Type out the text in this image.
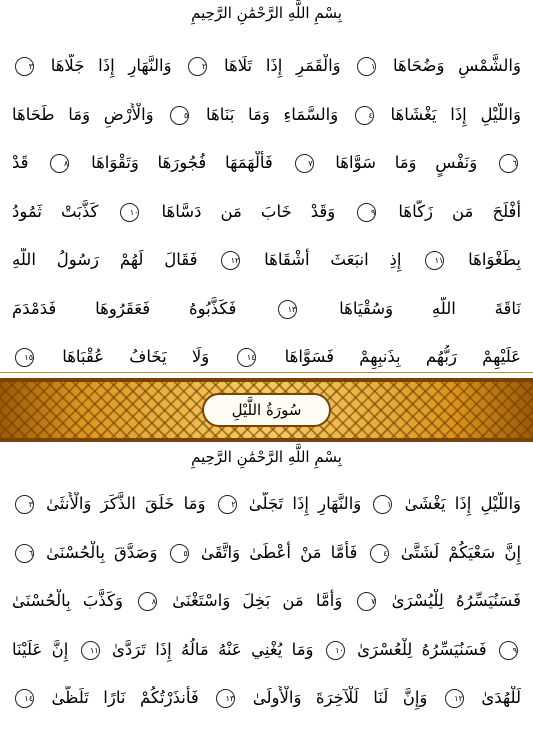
بِسْمِ اللَّهِ الرَّحْمَٰنِ الرَّحِيمِ
وَالشَّمْسِ وَضُحَاهَا ١ وَالْقَمَرِ إِذَا تَلَاهَا ٢ وَالنَّهَارِ إِذَا جَلَّاهَا ٣
وَاللَّيْلِ إِذَا يَغْشَاهَا ٤ وَالسَّمَاءِ وَمَا بَنَاهَا ٥ وَالْأَرْضِ وَمَا طَحَاهَا
٦ وَنَفْسٍ وَمَا سَوَّاهَا ٧ فَأَلْهَمَهَا فُجُورَهَا وَتَقْوَاهَا ٨ قَدْ
أَفْلَحَ مَن زَكَّاهَا ٩ وَقَدْ خَابَ مَن دَسَّاهَا ١٠ كَذَّبَتْ ثَمُودُ
بِطَغْوَاهَا ١١ إِذِ انبَعَثَ أَشْقَاهَا ١٢ فَقَالَ لَهُمْ رَسُولُ اللَّهِ
نَاقَةَ اللَّهِ وَسُقْيَاهَا ١٣ فَكَذَّبُوهُ فَعَقَرُوهَا فَدَمْدَمَ
عَلَيْهِمْ رَبُّهُم بِذَنبِهِمْ فَسَوَّاهَا ١٤ وَلَا يَخَافُ عُقْبَاهَا ١٥
سُورَةُ اللَّيْلِ
بِسْمِ اللَّهِ الرَّحْمَٰنِ الرَّحِيمِ
وَاللَّيْلِ إِذَا يَغْشَىٰ ١ وَالنَّهَارِ إِذَا تَجَلَّىٰ ٢ وَمَا خَلَقَ الذَّكَرَ وَالْأُنثَىٰ ٣
إِنَّ سَعْيَكُمْ لَشَتَّىٰ ٤ فَأَمَّا مَنْ أَعْطَىٰ وَاتَّقَىٰ ٥ وَصَدَّقَ بِالْحُسْنَىٰ ٦
فَسَنُيَسِّرُهُ لِلْيُسْرَىٰ ٧ وَأَمَّا مَن بَخِلَ وَاسْتَغْنَىٰ ٨ وَكَذَّبَ بِالْحُسْنَىٰ
٩ فَسَنُيَسِّرُهُ لِلْعُسْرَىٰ ١٠ وَمَا يُغْنِي عَنْهُ مَالُهُ إِذَا تَرَدَّىٰ ١١ إِنَّ عَلَيْنَا
لَلْهُدَىٰ ١٢ وَإِنَّ لَنَا لَلْآخِرَةَ وَالْأُولَىٰ ١٣ فَأَنذَرْتُكُمْ نَارًا تَلَظَّىٰ ١٤
